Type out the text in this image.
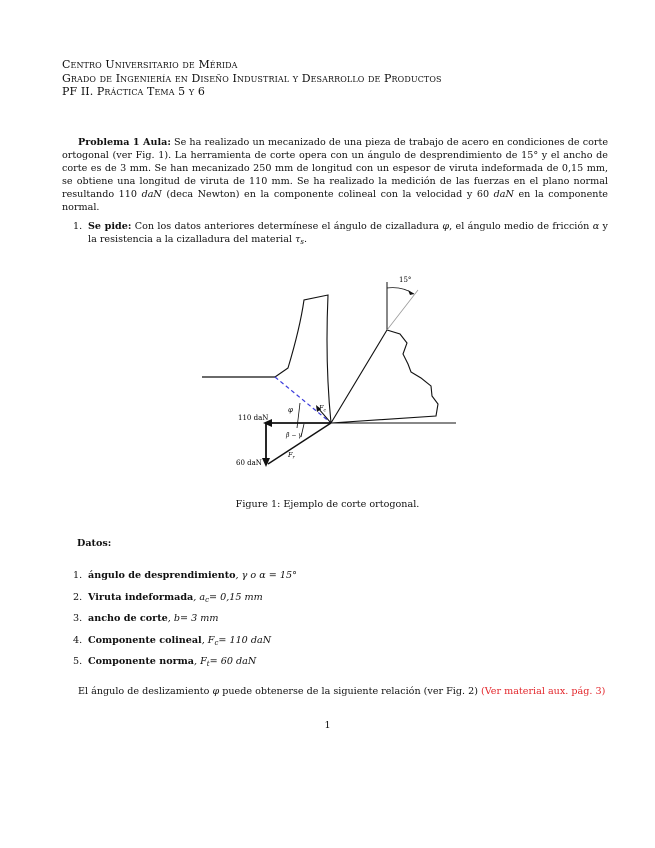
Centro Universitario de Mérida
Grado de Ingeniería en Diseño Industrial y Desarrollo de Productos
PF II. Práctica Tema 5 y 6
Problema 1 Aula: Se ha realizado un mecanizado de una pieza de trabajo de acero en condiciones de corte ortogonal (ver Fig. 1). La herramienta de corte opera con un ángulo de desprendimiento de 15° y el ancho de corte es de 3 mm. Se han mecanizado 250 mm de longitud con un espesor de viruta indeformada de 0,15 mm, se obtiene una longitud de viruta de 110 mm. Se ha realizado la medición de las fuerzas en el plano normal resultando 110 daN (deca Newton) en la componente colineal con la velocidad y 60 daN en la componente normal.
1. Se pide: Con los datos anteriores determínese el ángulo de cizalladura φ, el ángulo medio de fricción α y la resistencia a la cizalladura del material $\tau_s$.
15°
110 daN
60 daN
$F_c$
φ
β − γ
$F_r$
Figure 1: Ejemplo de corte ortogonal.
Datos:
1. ángulo de desprendimiento, γ o α = 15°
2. Viruta indeformada, $a_c= 0,15$ mm
3. ancho de corte, b= 3 mm
4. Componente colineal, $F_c= 110$ daN
5. Componente norma, $F_t= 60$ daN
El ángulo de deslizamiento φ puede obtenerse de la siguiente relación (ver Fig. 2) (Ver material aux. pág. 3)
1
